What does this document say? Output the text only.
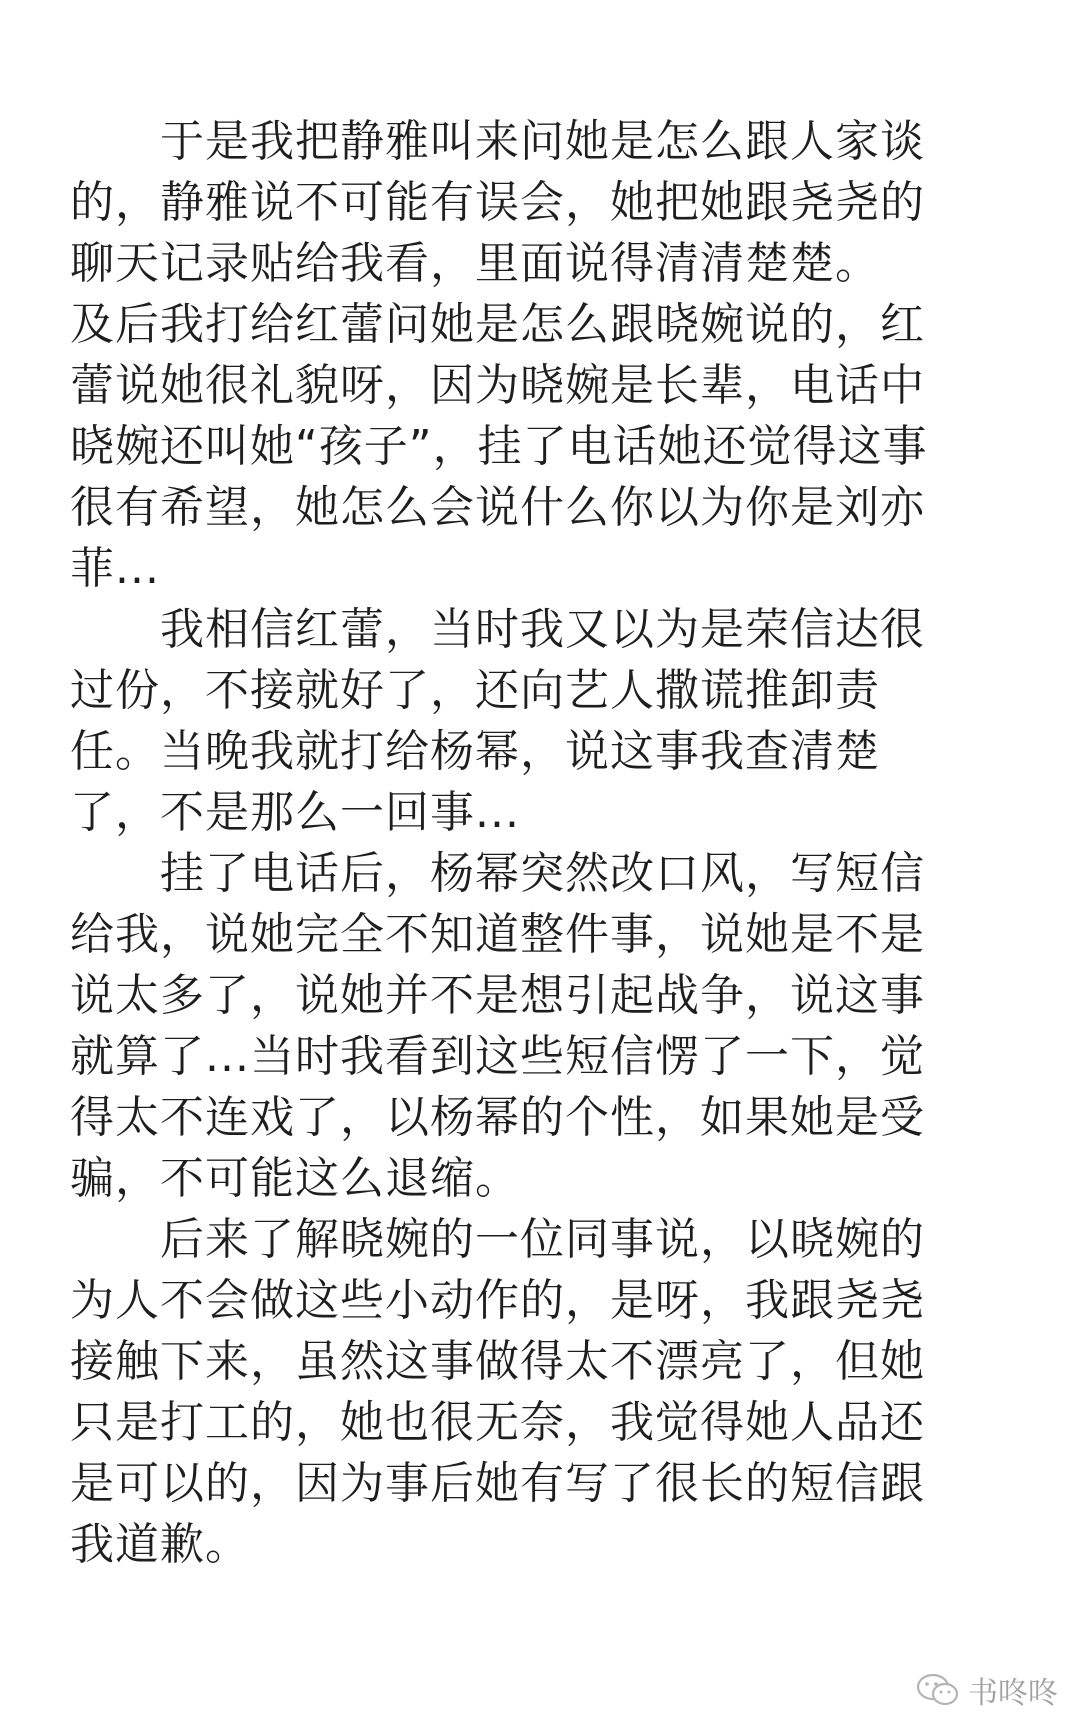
　　于是我把静雅叫来问她是怎么跟人家谈
的，静雅说不可能有误会，她把她跟尧尧的
聊天记录贴给我看，里面说得清清楚楚。
及后我打给红蕾问她是怎么跟晓婉说的，红
蕾说她很礼貌呀，因为晓婉是长辈，电话中
晓婉还叫她“孩子”，挂了电话她还觉得这事
很有希望，她怎么会说什么你以为你是刘亦
菲...
　　我相信红蕾，当时我又以为是荣信达很
过份，不接就好了，还向艺人撒谎推卸责
任。当晚我就打给杨幂，说这事我查清楚
了，不是那么一回事...
　　挂了电话后，杨幂突然改口风，写短信
给我，说她完全不知道整件事，说她是不是
说太多了，说她并不是想引起战争，说这事
就算了...当时我看到这些短信愣了一下，觉
得太不连戏了，以杨幂的个性，如果她是受
骗，不可能这么退缩。
　　后来了解晓婉的一位同事说，以晓婉的
为人不会做这些小动作的，是呀，我跟尧尧
接触下来，虽然这事做得太不漂亮了，但她
只是打工的，她也很无奈，我觉得她人品还
是可以的，因为事后她有写了很长的短信跟
我道歉。
书咚咚
